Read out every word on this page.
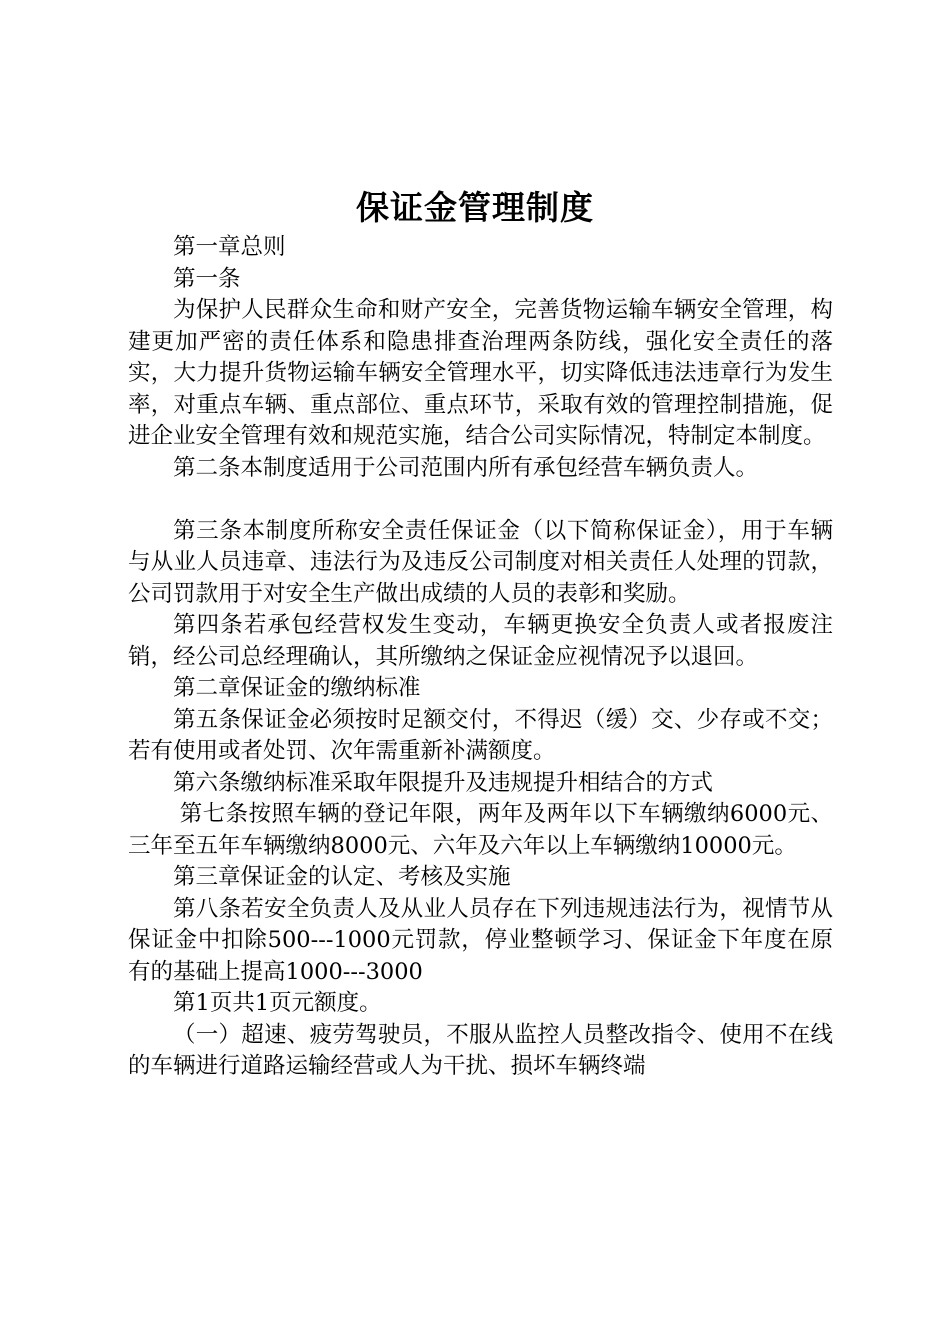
保证金管理制度

第一章总则

第一条

为保护人民群众生命和财产安全，完善货物运输车辆安全管理，构建更加严密的责任体系和隐患排查治理两条防线，强化安全责任的落实，大力提升货物运输车辆安全管理水平，切实降低违法违章行为发生率，对重点车辆、重点部位、重点环节，采取有效的管理控制措施，促进企业安全管理有效和规范实施，结合公司实际情况，特制定本制度。

第二条本制度适用于公司范围内所有承包经营车辆负责人。

第三条本制度所称安全责任保证金（以下简称保证金），用于车辆与从业人员违章、违法行为及违反公司制度对相关责任人处理的罚款，公司罚款用于对安全生产做出成绩的人员的表彰和奖励。

第四条若承包经营权发生变动，车辆更换安全负责人或者报废注销，经公司总经理确认，其所缴纳之保证金应视情况予以退回。

第二章保证金的缴纳标准

第五条保证金必须按时足额交付，不得迟（缓）交、少存或不交；若有使用或者处罚、次年需重新补满额度。

第六条缴纳标准采取年限提升及违规提升相结合的方式

第七条按照车辆的登记年限，两年及两年以下车辆缴纳6000元、三年至五年车辆缴纳8000元、六年及六年以上车辆缴纳10000元。

第三章保证金的认定、考核及实施

第八条若安全负责人及从业人员存在下列违规违法行为，视情节从保证金中扣除500---1000元罚款，停业整顿学习、保证金下年度在原有的基础上提高1000---3000

第1页共1页元额度。

（一）超速、疲劳驾驶员，不服从监控人员整改指令、使用不在线的车辆进行道路运输经营或人为干扰、损坏车辆终端
